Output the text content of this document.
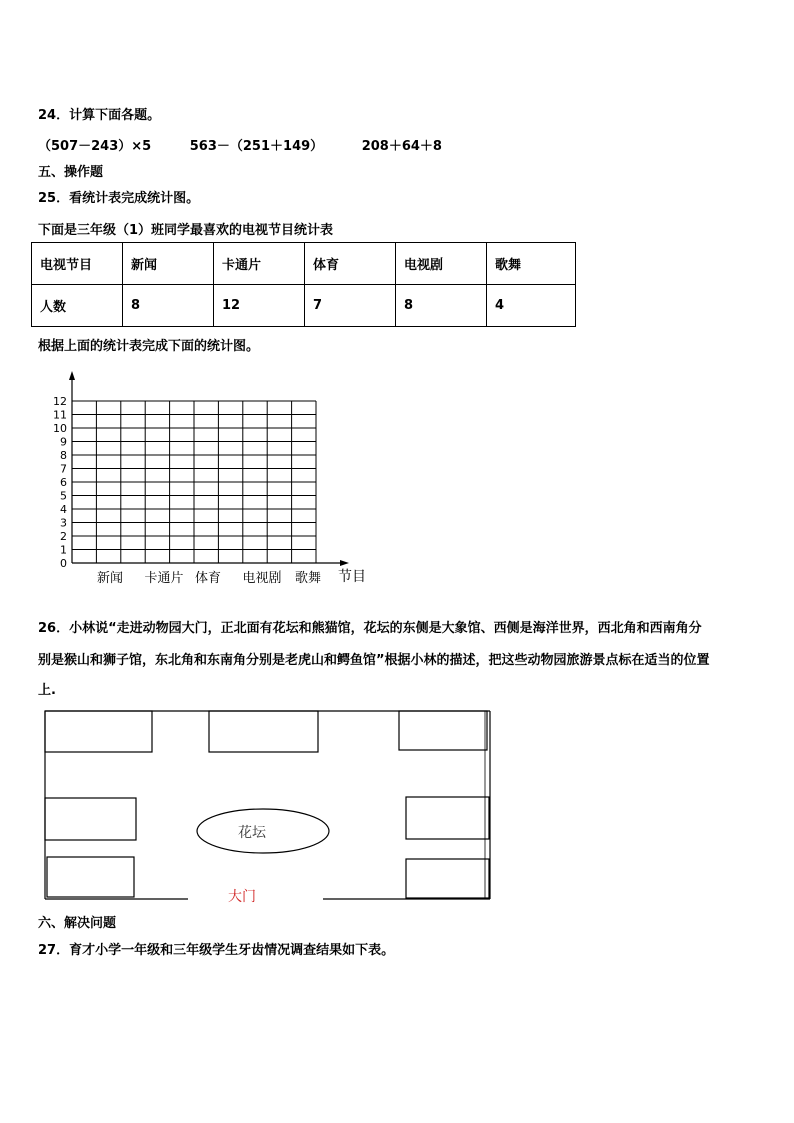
24．计算下面各题。
（507－243）×5	563－（251＋149）	208＋64＋8
五、操作题
25．看统计表完成统计图。
下面是三年级（1）班同学最喜欢的电视节目统计表
电视节目	新闻	卡通片	体育	电视剧	歌舞
人数	8	12	7	8	4
根据上面的统计表完成下面的统计图。
0
1
2
3
4
5
6
7
8
9
10
11
12
新闻 卡通片 体育 电视剧 歌舞 节目
26．小林说“走进动物园大门，正北面有花坛和熊猫馆，花坛的东侧是大象馆、西侧是海洋世界，西北角和西南角分
别是猴山和狮子馆，东北角和东南角分别是老虎山和鳄鱼馆”根据小林的描述，把这些动物园旅游景点标在适当的位置
上.
花坛
大门
六、解决问题
27．育才小学一年级和三年级学生牙齿情况调查结果如下表。
